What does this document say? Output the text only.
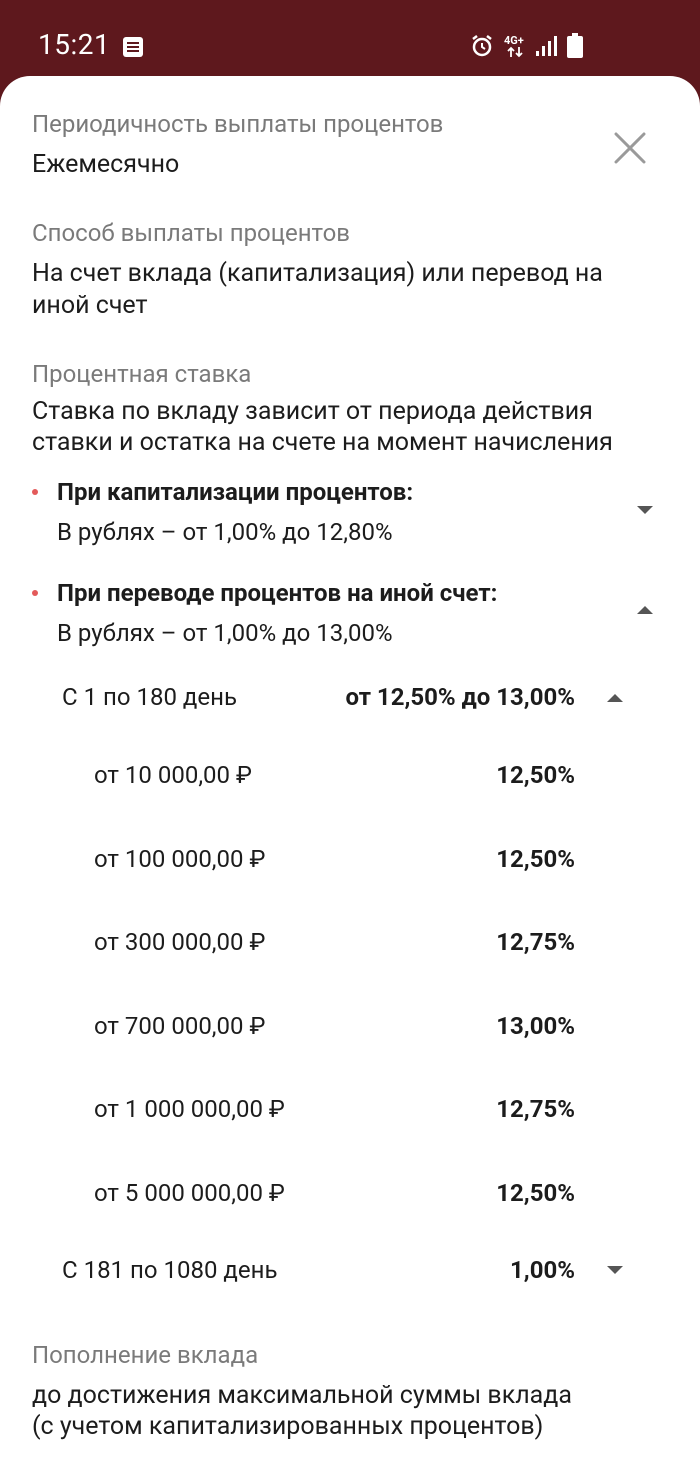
15:21	4G+
Периодичность выплаты процентов
Ежемесячно
Способ выплаты процентов
На счет вклада (капитализация) или перевод на
иной счет
Процентная ставка
Ставка по вкладу зависит от периода действия
ставки и остатка на счете на момент начисления
При капитализации процентов:
В рублях – от 1,00% до 12,80%
При переводе процентов на иной счет:
В рублях – от 1,00% до 13,00%
С 1 по 180 день	от 12,50% до 13,00%
от 10 000,00 ₽	12,50%
от 100 000,00 ₽	12,50%
от 300 000,00 ₽	12,75%
от 700 000,00 ₽	13,00%
от 1 000 000,00 ₽	12,75%
от 5 000 000,00 ₽	12,50%
С 181 по 1080 день	1,00%
Пополнение вклада
до достижения максимальной суммы вклада
(с учетом капитализированных процентов)
